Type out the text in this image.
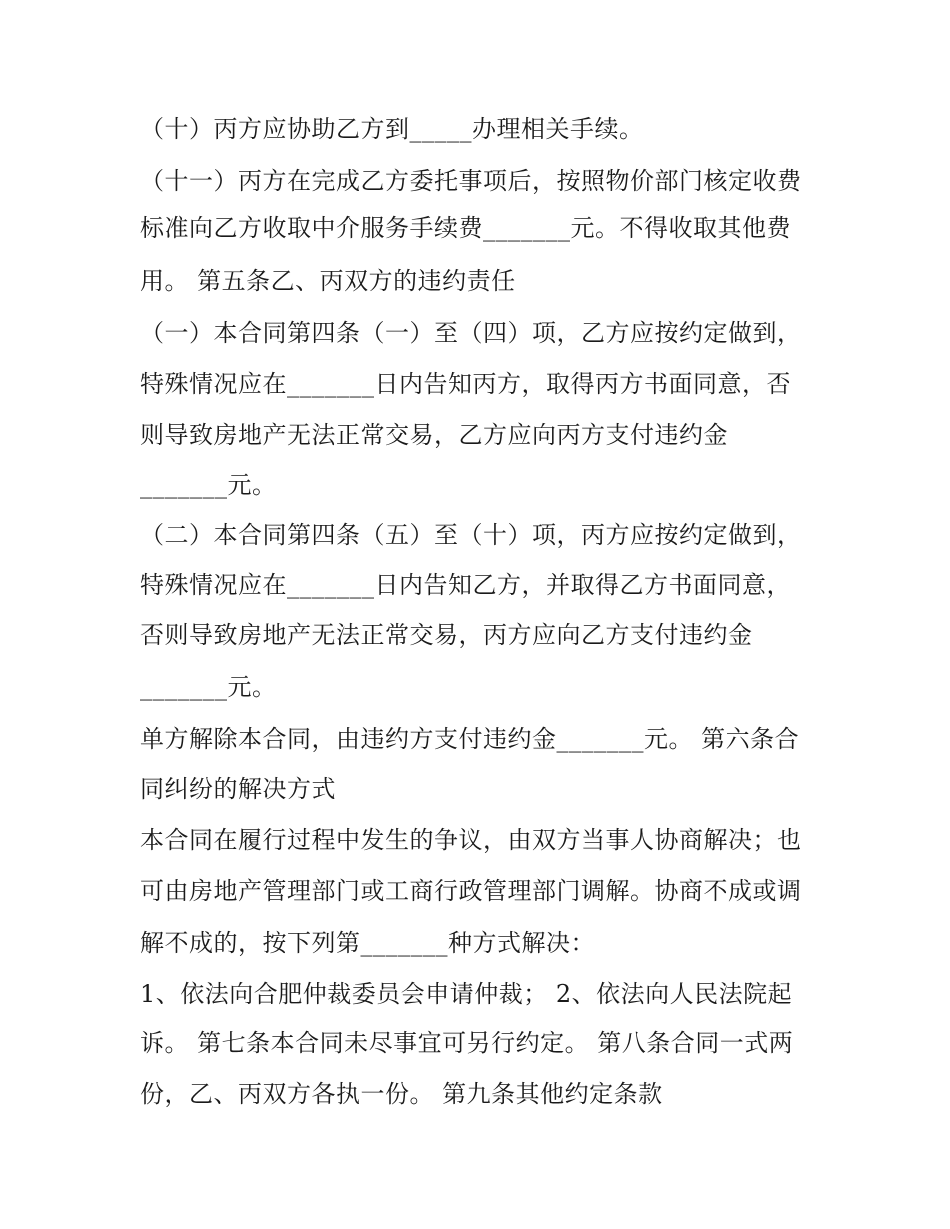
（十）丙方应协助乙方到_____办理相关手续。
（十一）丙方在完成乙方委托事项后，按照物价部门核定收费
标准向乙方收取中介服务手续费_______元。不得收取其他费
用。 第五条乙、丙双方的违约责任
（一）本合同第四条（一）至（四）项，乙方应按约定做到，
特殊情况应在_______日内告知丙方，取得丙方书面同意，否
则导致房地产无法正常交易，乙方应向丙方支付违约金
_______元。
（二）本合同第四条（五）至（十）项，丙方应按约定做到，
特殊情况应在_______日内告知乙方，并取得乙方书面同意，
否则导致房地产无法正常交易，丙方应向乙方支付违约金
_______元。
单方解除本合同，由违约方支付违约金_______元。 第六条合
同纠纷的解决方式
本合同在履行过程中发生的争议，由双方当事人协商解决；也
可由房地产管理部门或工商行政管理部门调解。协商不成或调
解不成的，按下列第_______种方式解决：
1、依法向合肥仲裁委员会申请仲裁； 2、依法向人民法院起
诉。 第七条本合同未尽事宜可另行约定。 第八条合同一式两
份，乙、丙双方各执一份。 第九条其他约定条款
